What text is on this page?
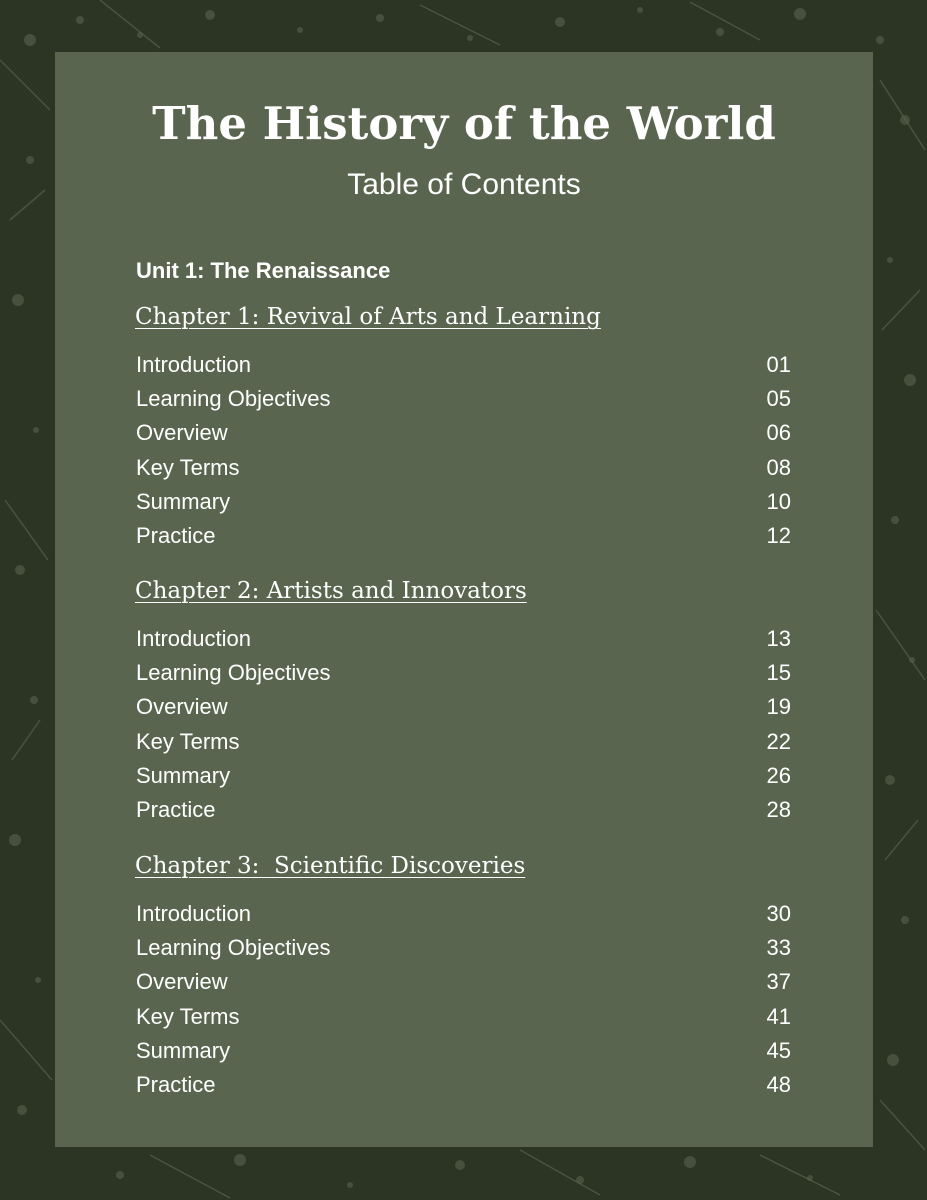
The History of the World
Table of Contents
Unit 1: The Renaissance
Chapter 1: Revival of Arts and Learning
Introduction	01
Learning Objectives	05
Overview	06
Key Terms	08
Summary	10
Practice	12
Chapter 2: Artists and Innovators
Introduction	13
Learning Objectives	15
Overview	19
Key Terms	22
Summary	26
Practice	28
Chapter 3:  Scientific Discoveries
Introduction	30
Learning Objectives	33
Overview	37
Key Terms	41
Summary	45
Practice	48
